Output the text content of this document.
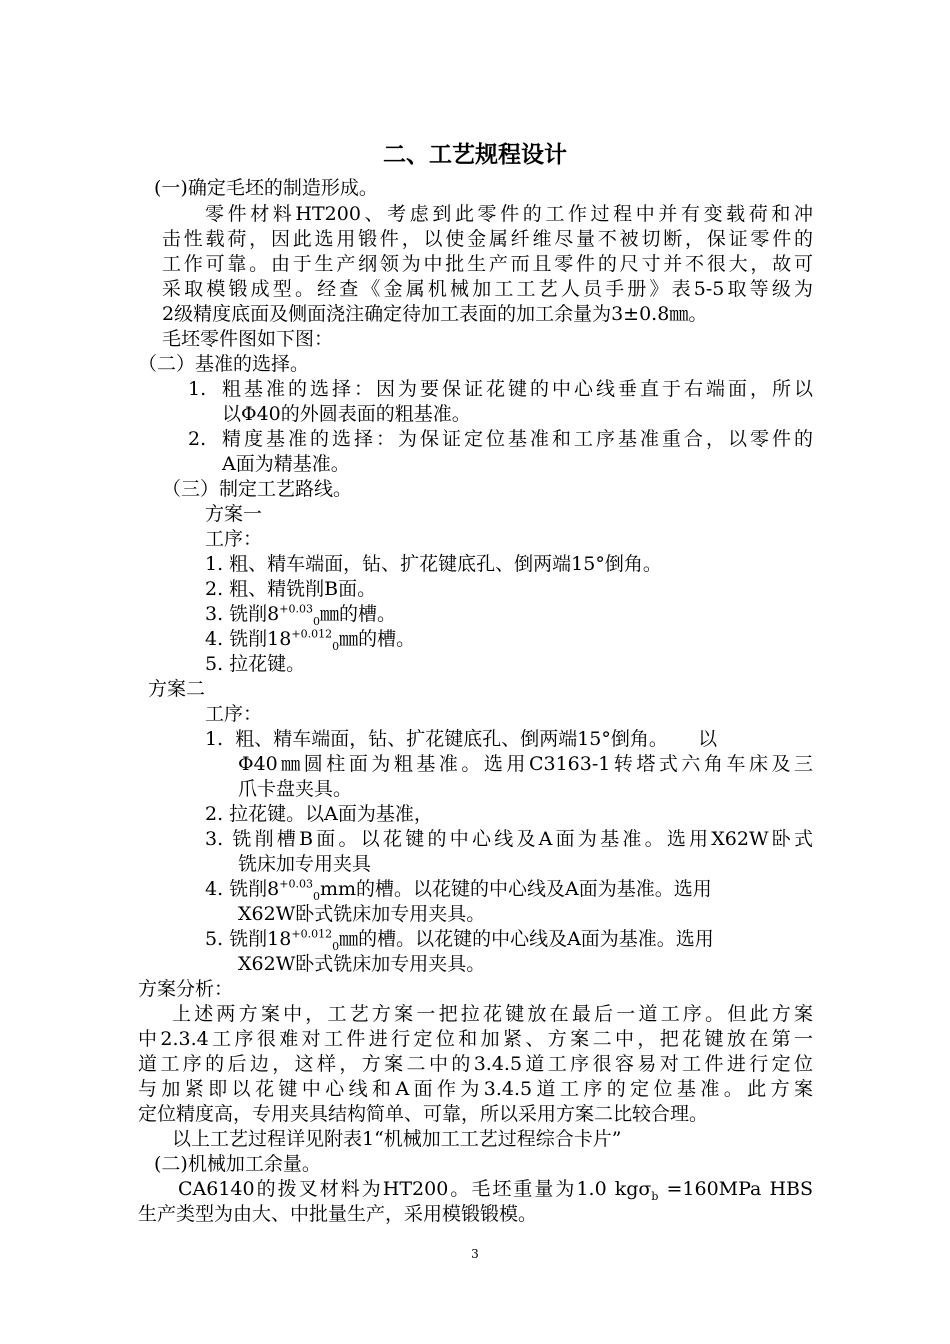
二、工艺规程设计
(一)确定毛坯的制造形成。
零件材料HT200、考虑到此零件的工作过程中并有变载荷和冲
击性载荷，因此选用锻件，以使金属纤维尽量不被切断，保证零件的
工作可靠。由于生产纲领为中批生产而且零件的尺寸并不很大，故可
采取模锻成型。经查《金属机械加工工艺人员手册》表5-5取等级为
2级精度底面及侧面浇注确定待加工表面的加工余量为3±0.8㎜。
毛坯零件图如下图：
（二）基准的选择。
1. 粗基准的选择：因为要保证花键的中心线垂直于右端面，所以
以Φ40的外圆表面的粗基准。
2. 精度基准的选择：为保证定位基准和工序基准重合，以零件的
A面为精基准。
（三）制定工艺路线。
方案一
工序：
1. 粗、精车端面，钻、扩花键底孔、倒两端15°倒角。
2. 粗、精铣削B面。
3. 铣削$8^{+0.03}_0㎜$的槽。
4. 铣削$18^{+0.012}_0㎜$的槽。
5. 拉花键。
方案二
工序：
1.  粗、精车端面，钻、扩花键底孔、倒两端15°倒角。     以
Φ40㎜圆柱面为粗基准。选用C3163-1转塔式六角车床及三
爪卡盘夹具。
2. 拉花键。以A面为基准，
3. 铣削槽B面。以花键的中心线及A面为基准。选用X62W卧式
铣床加专用夹具
4. 铣削$8^{+0.03}_0mm$的槽。以花键的中心线及A面为基准。选用
X62W卧式铣床加专用夹具。
5. 铣削$18^{+0.012}_0㎜$的槽。以花键的中心线及A面为基准。选用
X62W卧式铣床加专用夹具。
方案分析：
上述两方案中，工艺方案一把拉花键放在最后一道工序。但此方案
中2.3.4工序很难对工件进行定位和加紧、方案二中，把花键放在第一
道工序的后边，这样，方案二中的3.4.5道工序很容易对工件进行定位
与加紧即以花键中心线和A面作为3.4.5道工序的定位基准。此方案
定位精度高，专用夹具结构简单、可靠，所以采用方案二比较合理。
以上工艺过程详见附表1“机械加工工艺过程综合卡片”
(二)机械加工余量。
CA6140的拨叉材料为HT200。毛坯重量为1.0 kgσ$_b$ =160MPa HBS
生产类型为由大、中批量生产，采用模锻锻模。
3
